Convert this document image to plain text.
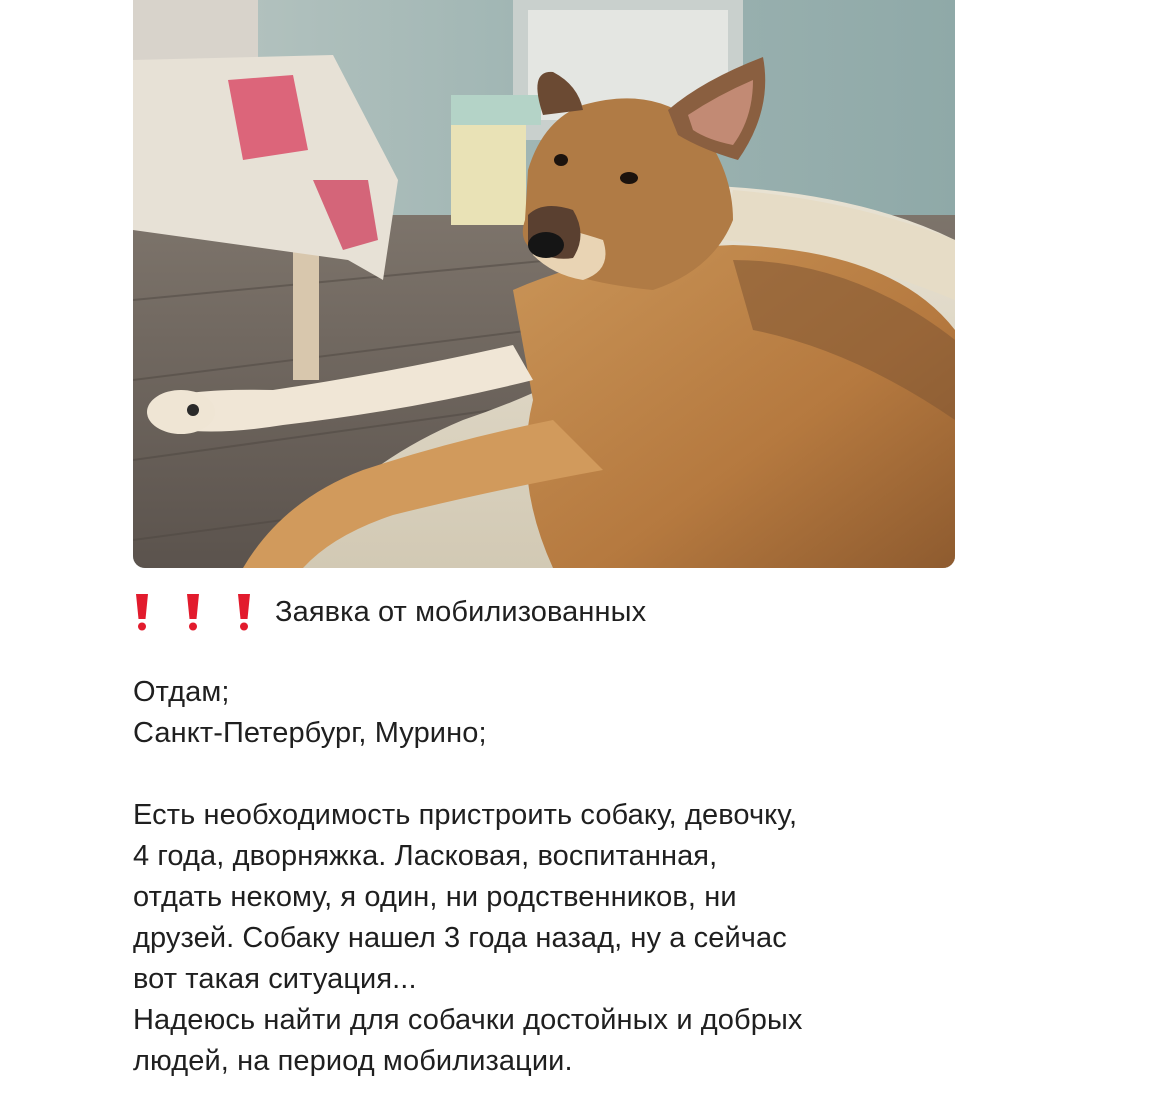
Заявка от мобилизованных
Отдам;
Санкт-Петербург, Мурино;
Есть необходимость пристроить собаку, девочку,
4 года, дворняжка. Ласковая, воспитанная,
отдать некому, я один, ни родственников, ни
друзей. Собаку нашел 3 года назад, ну а сейчас
вот такая ситуация...
Надеюсь найти для собачки достойных и добрых
людей, на период мобилизации.
